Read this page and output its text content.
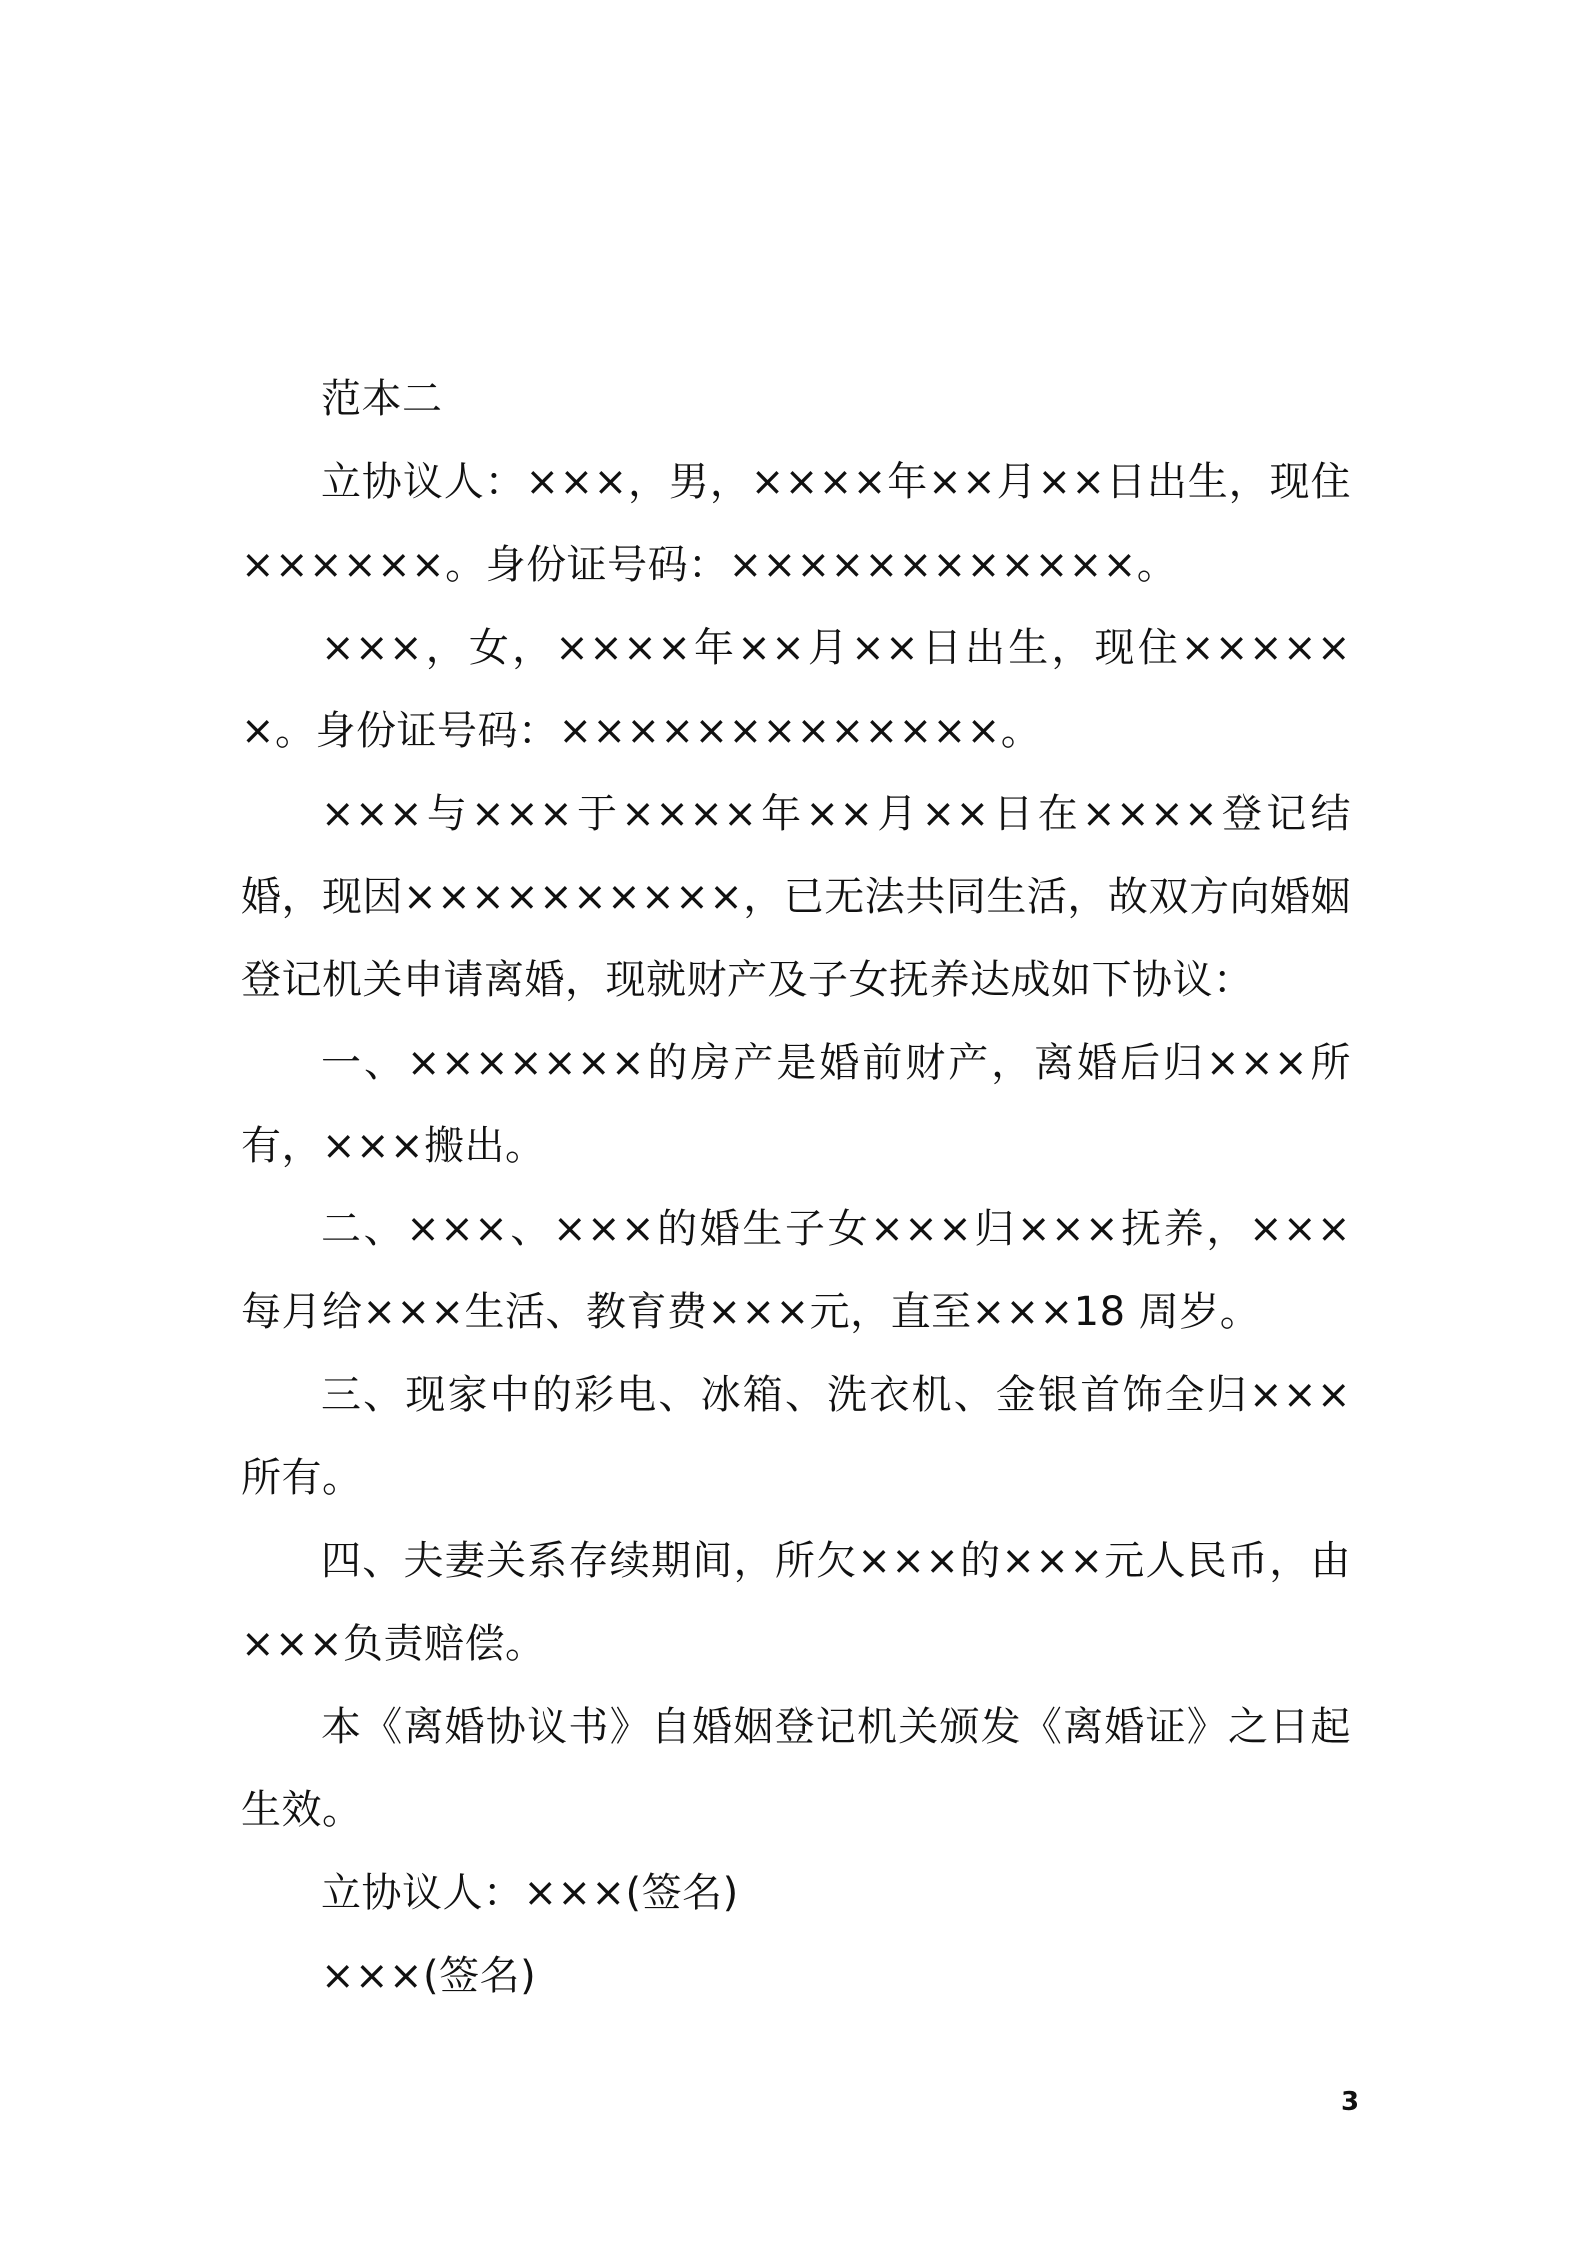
范本二

立协议人：×××，男，××××年××月××日出生，现住××××××。身份证号码：××××××××××××。

×××，女，××××年××月××日出生，现住××××××。身份证号码：×××××××××××××。

×××与×××于××××年××月××日在××××登记结婚，现因××××××××××，已无法共同生活，故双方向婚姻登记机关申请离婚，现就财产及子女抚养达成如下协议：

一、×××××××的房产是婚前财产，离婚后归×××所有，×××搬出。

二、×××、×××的婚生子女×××归×××抚养，×××每月给×××生活、教育费×××元，直至×××18 周岁。

三、现家中的彩电、冰箱、洗衣机、金银首饰全归×××所有。

四、夫妻关系存续期间，所欠×××的×××元人民币，由×××负责赔偿。

本《离婚协议书》自婚姻登记机关颁发《离婚证》之日起生效。

立协议人：×××(签名)

×××(签名)

3
